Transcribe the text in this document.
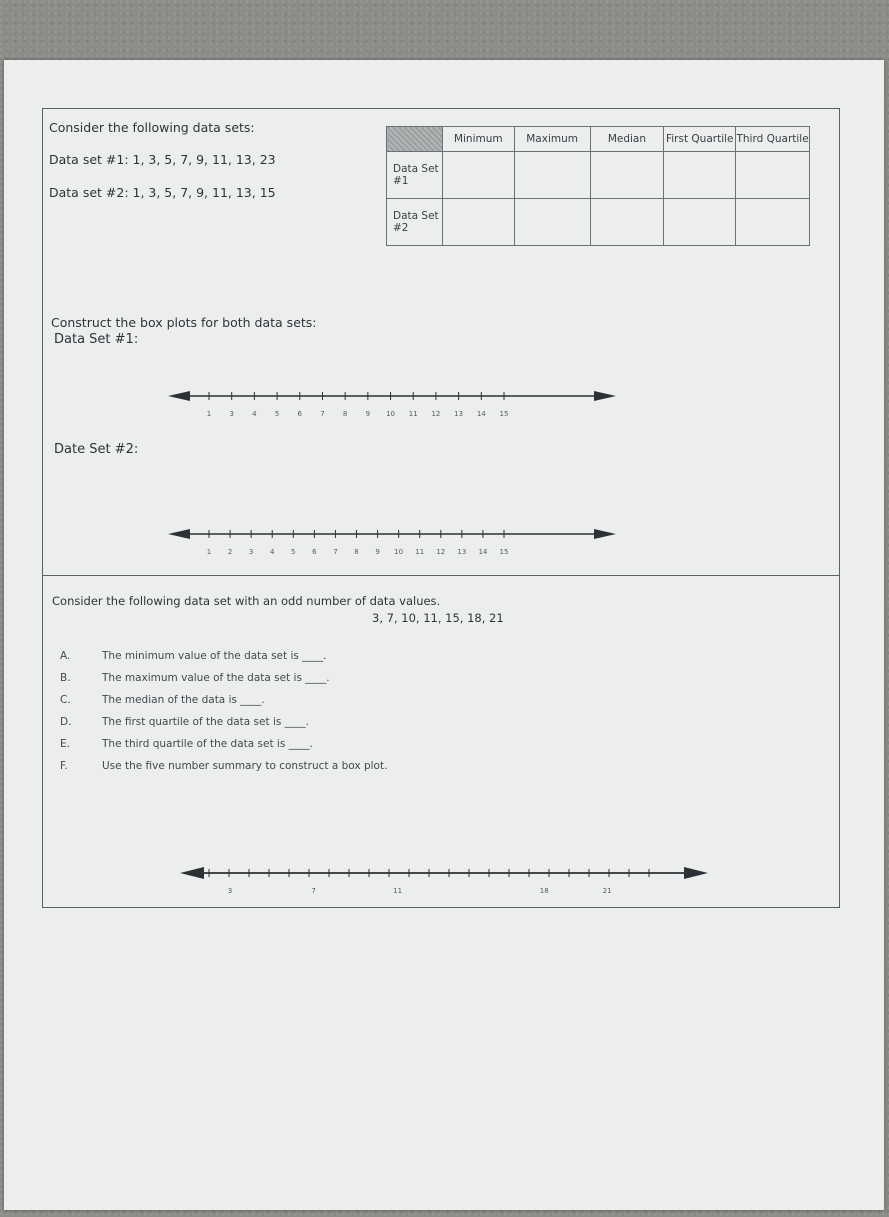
Consider the following data sets:
Data set #1: 1, 3, 5, 7, 9, 11, 13, 23
Data set #2: 1, 3, 5, 7, 9, 11, 13, 15
	Minimum	Maximum	Median	First Quartile	Third Quartile
Data Set #1					
Data Set #2					
Construct the box plots for both data sets:
Data Set #1:
1	3	4	5	6	7	8	9 10 11 12 13 14 15
Date Set #2:
1 2 3 4 5 6 7 8 9 10 11 12 13 14 15
Consider the following data set with an odd number of data values.
3, 7, 10, 11, 15, 18, 21
A.	The minimum value of the data set is ____.
B.	The maximum value of the data set is ____.
C.	The median of the data is ____.
D.	The first quartile of the data set is ____.
E.	The third quartile of the data set is ____.
F.	Use the five number summary to construct a box plot.
3	7	11	18	21
